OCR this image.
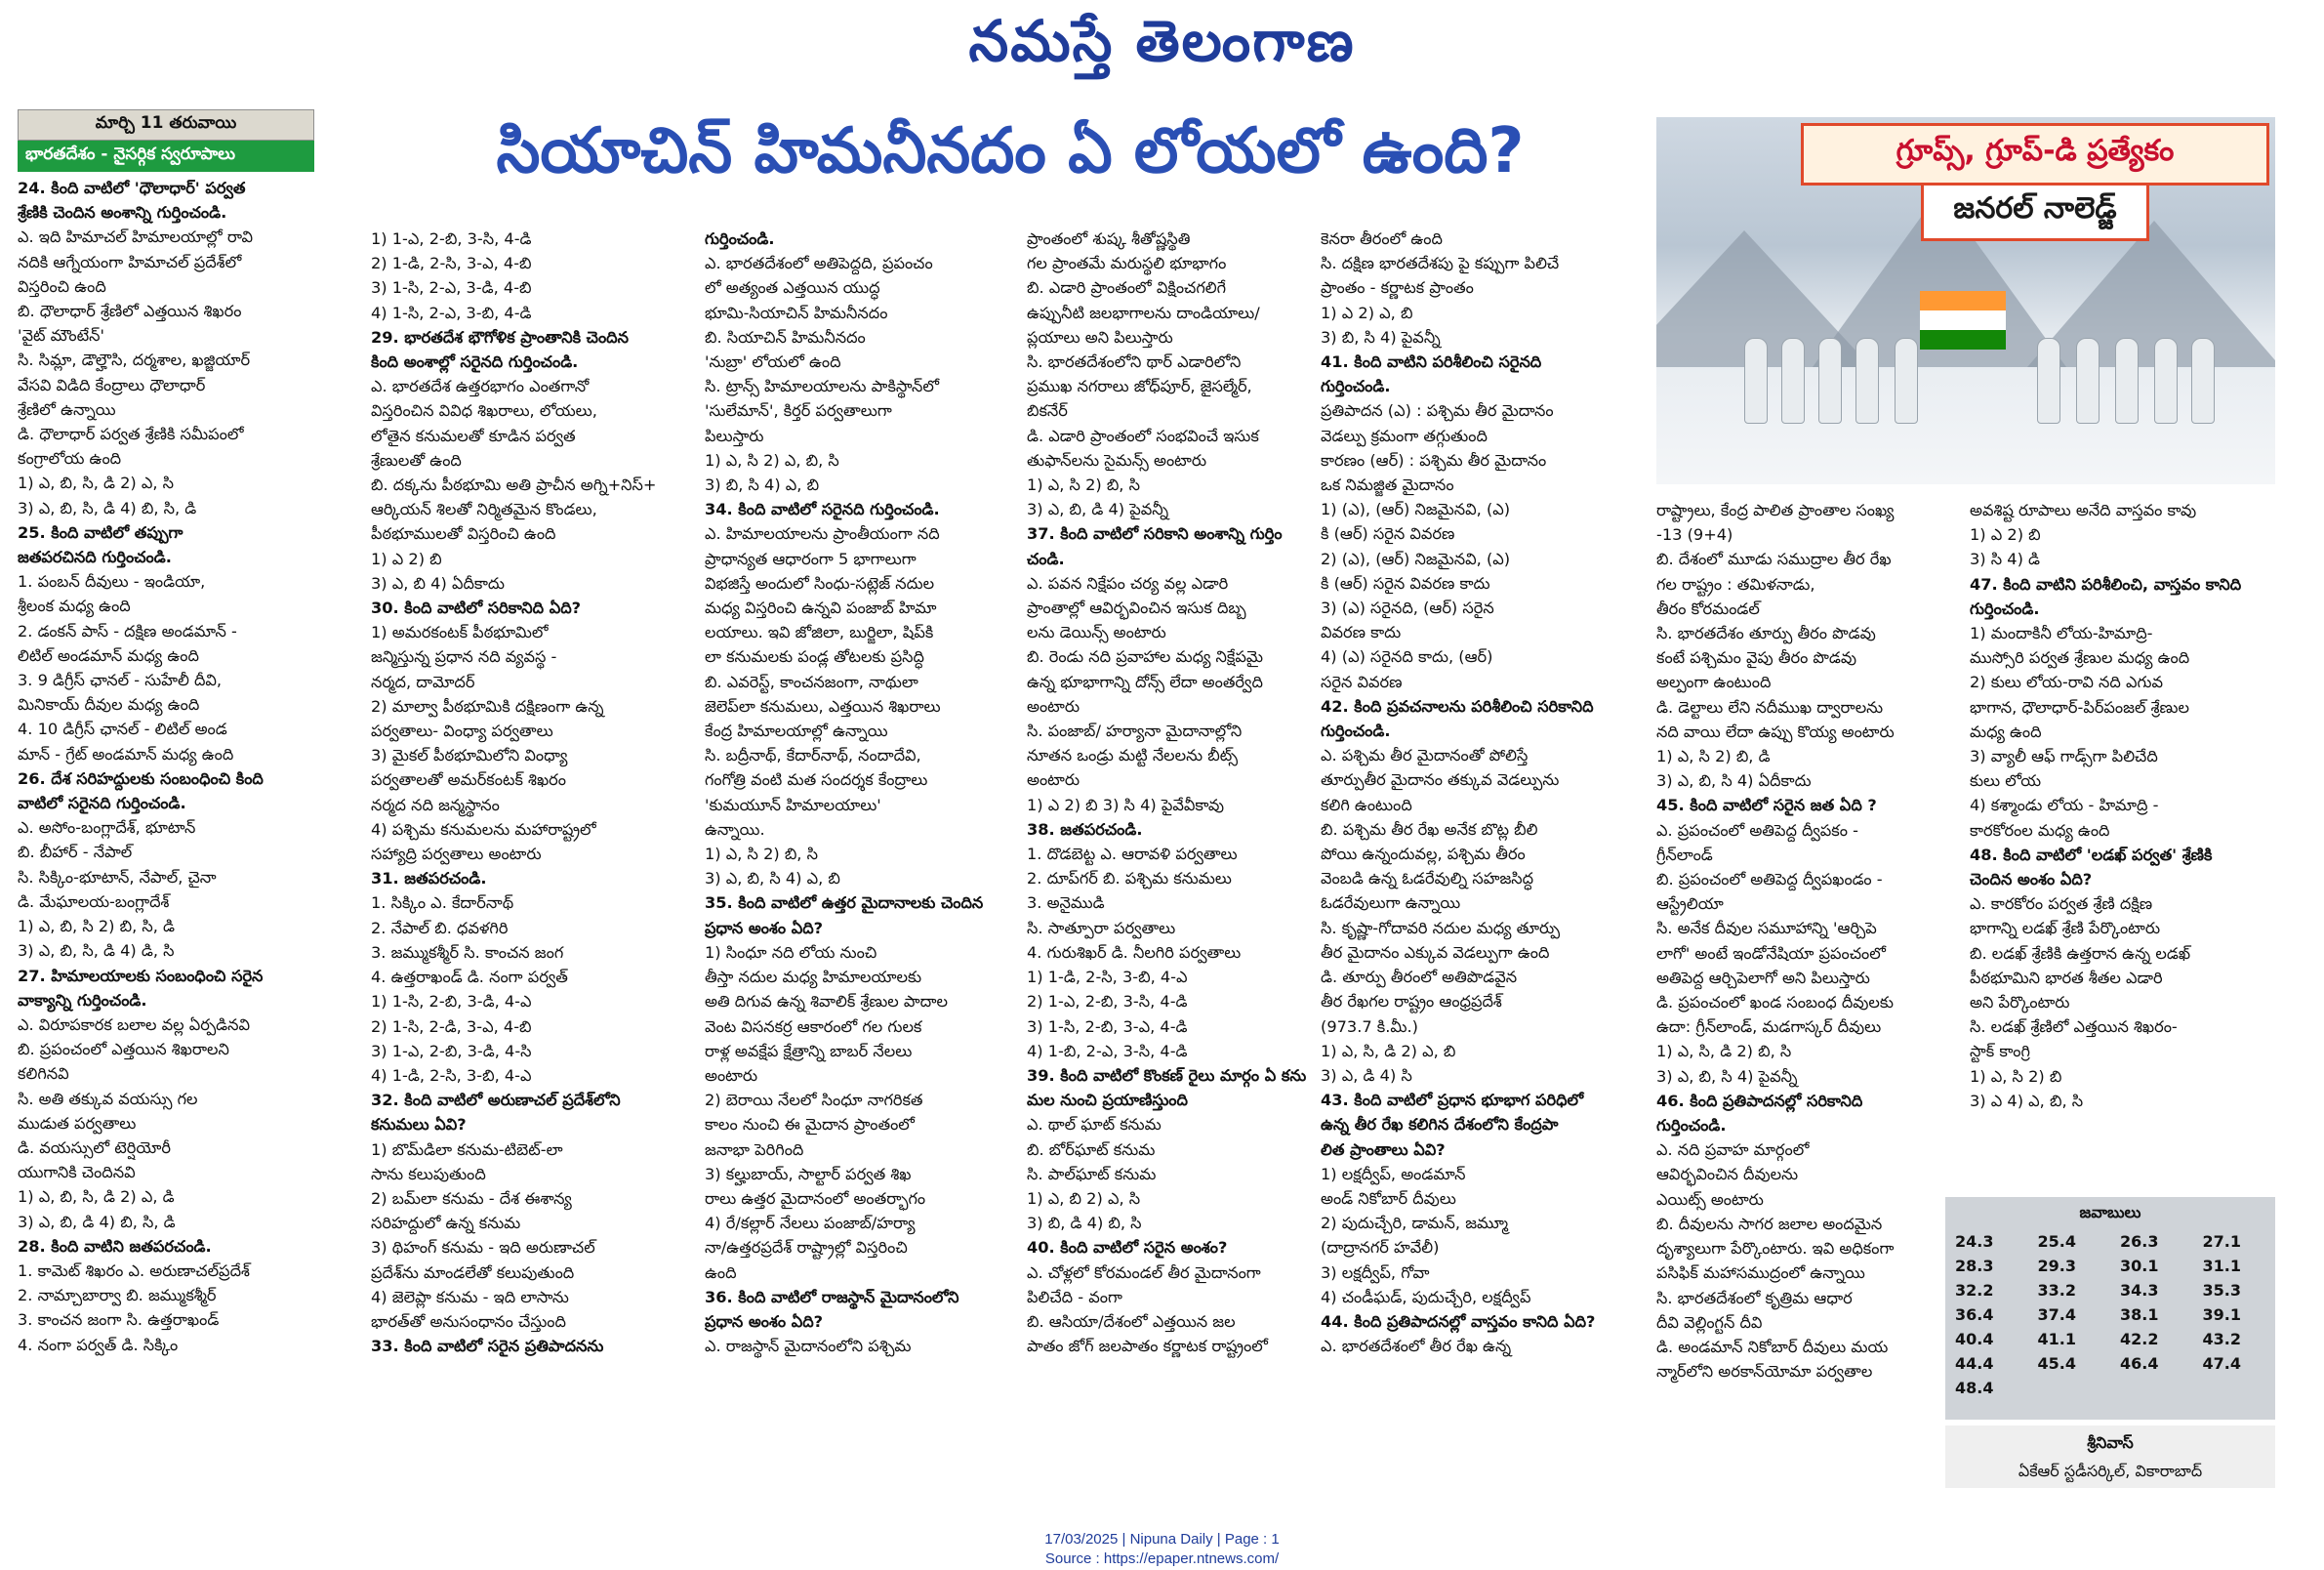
నమస్తే తెలంగాణ
సియాచిన్ హిమనీనదం ఏ లోయలో ఉంది?
మార్చి 11 తరువాయి
భారతదేశం - నైసర్గిక స్వరూపాలు
24. కింది వాటిలో 'ధౌలాధార్' పర్వత
శ్రేణికి చెందిన అంశాన్ని గుర్తించండి.
ఎ. ఇది హిమాచల్ హిమాలయాల్లో రావి
నదికి ఆగ్నేయంగా హిమాచల్ ప్రదేశ్‌లో
విస్తరించి ఉంది
బి. ధౌలాధార్ శ్రేణిలో ఎత్తయిన శిఖరం
'వైట్ మౌంటేన్'
సి. సిమ్లా, డౌల్హౌసి, దర్మశాల, ఖజ్జియార్
వేసవి విడిది కేంద్రాలు ధౌలాధార్
శ్రేణిలో ఉన్నాయి
డి. ధౌలాధార్ పర్వత శ్రేణికి సమీపంలో
కంగ్రాలోయ ఉంది
1) ఎ, బి, సి, డి 2) ఎ, సి
3) ఎ, బి, సి, డి 4) బి, సి, డి
25. కింది వాటిలో తప్పుగా
జతపరచినది గుర్తించండి.
1. పంబన్ దీవులు - ఇండియా,
శ్రీలంక మధ్య ఉంది
2. డంకన్ పాస్ - దక్షిణ అండమాన్ -
లిటిల్ అండమాన్ మధ్య ఉంది
3. 9 డిగ్రీస్ ఛానల్ - సుహేలీ దీవి,
మినికాయ్ దీవుల మధ్య ఉంది
4. 10 డిగ్రీస్ ఛానల్ - లిటిల్ అండ
మాన్ - గ్రేట్ అండమాన్ మధ్య ఉంది
26. దేశ సరిహద్దులకు సంబంధించి కింది
వాటిలో సరైనది గుర్తించండి.
ఎ. అసోం-బంగ్లాదేశ్, భూటాన్
బి. బీహార్ - నేపాల్
సి. సిక్కిం-భూటాన్, నేపాల్, చైనా
డి. మేఘాలయ-బంగ్లాదేశ్
1) ఎ, బి, సి 2) బి, సి, డి
3) ఎ, బి, సి, డి 4) డి, సి
27. హిమాలయాలకు సంబంధించి సరైన
వాక్యాన్ని గుర్తించండి.
ఎ. విరూపకారక బలాల వల్ల ఏర్పడినవి
బి. ప్రపంచంలో ఎత్తయిన శిఖరాలని
కలిగినవి
సి. అతి తక్కువ వయస్సు గల
ముడుత పర్వతాలు
డి. వయస్సులో టెర్షియోరీ
యుగానికి చెందినవి
1) ఎ, బి, సి, డి 2) ఎ, డి
3) ఎ, బి, డి 4) బి, సి, డి
28. కింది వాటిని జతపరచండి.
1. కామెట్ శిఖరం ఎ. అరుణాచల్‌ప్రదేశ్
2. నామ్చాబార్వా బి. జమ్ముకశ్మీర్
3. కాంచన జంగా సి. ఉత్తరాఖండ్
4. నంగా పర్వత్ డి. సిక్కిం
1) 1-ఎ, 2-బి, 3-సి, 4-డి
2) 1-డి, 2-సి, 3-ఎ, 4-బి
3) 1-సి, 2-ఎ, 3-డి, 4-బి
4) 1-సి, 2-ఎ, 3-బి, 4-డి
29. భారతదేశ భౌగోళిక ప్రాంతానికి చెందిన
కింది అంశాల్లో సరైనది గుర్తించండి.
ఎ. భారతదేశ ఉత్తరభాగం ఎంతగానో
విస్తరించిన వివిధ శిఖరాలు, లోయలు,
లోతైన కనుమలతో కూడిన పర్వత
శ్రేణులతో ఉంది
బి. దక్కను పీఠభూమి అతి ప్రాచీన అగ్ని+నిస్+
ఆర్కియన్ శిలతో నిర్మితమైన కొండలు,
పీఠభూములతో విస్తరించి ఉంది
1) ఎ 2) బి
3) ఎ, బి 4) ఏదీకాదు
30. కింది వాటిలో సరికానిది ఏది?
1) అమరకంటక్ పీఠభూమిలో
జన్మిస్తున్న ప్రధాన నది వ్యవస్థ -
నర్మద, దామోదర్
2) మాల్వా పీఠభూమికి దక్షిణంగా ఉన్న
పర్వతాలు- వింధ్యా పర్వతాలు
3) మైకల్ పీఠభూమిలోని వింధ్యా
పర్వతాలతో అమర్‌కంటక్ శిఖరం
నర్మద నది జన్మస్థానం
4) పశ్చిమ కనుమలను మహారాష్ట్రలో
సహ్యాద్రి పర్వతాలు అంటారు
31. జతపరచండి.
1. సిక్కిం ఎ. కేదార్‌నాథ్
2. నేపాల్ బి. ధవళగిరి
3. జమ్ముకశ్మీర్ సి. కాంచన జంగ
4. ఉత్తరాఖండ్ డి. నంగా పర్వత్
1) 1-సి, 2-బి, 3-డి, 4-ఎ
2) 1-సి, 2-డి, 3-ఎ, 4-బి
3) 1-ఎ, 2-బి, 3-డి, 4-సి
4) 1-డి, 2-సి, 3-బి, 4-ఎ
32. కింది వాటిలో అరుణాచల్ ప్రదేశ్‌లోని
కనుమలు ఏవి?
1) బొమ్‌డిలా కనుమ-టిబెట్-లా
సాను కలుపుతుంది
2) బమ్‌లా కనుమ - దేశ ఈశాన్య
సరిహద్దులో ఉన్న కనుమ
3) థిహంగ్ కనుమ - ఇది అరుణాచల్
ప్రదేశ్‌ను మాండలేతో కలుపుతుంది
4) జెలెప్లా కనుమ - ఇది లాసాను
భారత్‌తో అనుసంధానం చేస్తుంది
33. కింది వాటిలో సరైన ప్రతిపాదనను
గుర్తించండి.
ఎ. భారతదేశంలో అతిపెద్దది, ప్రపంచం
లో అత్యంత ఎత్తయిన యుద్ధ
భూమి-సియాచిన్ హిమనీనదం
బి. సియాచిన్ హిమనీనదం
'నుబ్రా' లోయలో ఉంది
సి. ట్రాన్స్ హిమాలయాలను పాకిస్థాన్‌లో
'సులేమాన్', కిర్తర్ పర్వతాలుగా
పిలుస్తారు
1) ఎ, సి 2) ఎ, బి, సి
3) బి, సి 4) ఎ, బి
34. కింది వాటిలో సరైనది గుర్తించండి.
ఎ. హిమాలయాలను ప్రాంతీయంగా నది
ప్రాధాన్యత ఆధారంగా 5 భాగాలుగా
విభజిస్తే అందులో సింధు-సట్లెజ్ నదుల
మధ్య విస్తరించి ఉన్నవి పంజాబ్ హిమా
లయాలు. ఇవి జోజిలా, బుర్జిలా, షిప్‌కి
లా కనుమలకు పండ్ల తోటలకు ప్రసిద్ధి
బి. ఎవరెస్ట్, కాంచనజంగా, నాథులా
జెలెప్‌లా కనుమలు, ఎత్తయిన శిఖరాలు
కేంద్ర హిమాలయాల్లో ఉన్నాయి
సి. బద్రీనాథ్, కేదార్‌నాథ్, నందాదేవి,
గంగోత్రి వంటి మత సందర్శక కేంద్రాలు
'కుమయూన్ హిమాలయాలు'
ఉన్నాయి.
1) ఎ, సి 2) బి, సి
3) ఎ, బి, సి 4) ఎ, బి
35. కింది వాటిలో ఉత్తర మైదానాలకు చెందిన
ప్రధాన అంశం ఏది?
1) సింధూ నది లోయ నుంచి
తీస్తా నదుల మధ్య హిమాలయాలకు
అతి దిగువ ఉన్న శివాలిక్ శ్రేణుల పాదాల
వెంట విసనకర్ర ఆకారంలో గల గులక
రాళ్ల అవక్షేప క్షేత్రాన్ని బాబర్ నేలలు
అంటారు
2) బెరాయి నేలలో సింధూ నాగరికత
కాలం నుంచి ఈ మైదాన ప్రాంతంలో
జనాభా పెరిగింది
3) కల్హుబాయ్, సాల్టార్ పర్వత శిఖ
రాలు ఉత్తర మైదానంలో అంతర్భాగం
4) రే/కల్లార్ నేలలు పంజాబ్/హర్యా
నా/ఉత్తరప్రదేశ్ రాష్ట్రాల్లో విస్తరించి
ఉంది
36. కింది వాటిలో రాజస్థాన్ మైదానంలోని
ప్రధాన అంశం ఏది?
ఎ. రాజస్థాన్ మైదానంలోని పశ్చిమ
ప్రాంతంలో శుష్క శీతోష్ణస్థితి
గల ప్రాంతమే మరుస్థలి భూభాగం
బి. ఎడారి ప్రాంతంలో విక్షించగలిగే
ఉప్పునీటి జలభాగాలను దాండియాలు/
ప్లయాలు అని పిలుస్తారు
సి. భారతదేశంలోని థార్ ఎడారిలోని
ప్రముఖ నగరాలు జోధ్‌పూర్, జైసల్మేర్,
బికనేర్
డి. ఎడారి ప్రాంతంలో సంభవించే ఇసుక
తుఫాన్‌లను సైమన్స్ అంటారు
1) ఎ, సి 2) బి, సి
3) ఎ, బి, డి 4) పైవన్నీ
37. కింది వాటిలో సరికాని అంశాన్ని గుర్తిం
చండి.
ఎ. పవన నిక్షేపం చర్య వల్ల ఎడారి
ప్రాంతాల్లో ఆవిర్భవించిన ఇసుక దిబ్బ
లను డెయిన్స్ అంటారు
బి. రెండు నది ప్రవాహాల మధ్య నిక్షేపమై
ఉన్న భూభాగాన్ని దోన్స్ లేదా అంతర్వేది
అంటారు
సి. పంజాబ్/ హర్యానా మైదానాల్లోని
నూతన ఒండ్రు మట్టి నేలలను బీట్స్
అంటారు
1) ఎ 2) బి 3) సి 4) పైవేవీకావు
38. జతపరచండి.
1. దొడబెట్ట ఎ. ఆరావళి పర్వతాలు
2. దూప్‌గర్ బి. పశ్చిమ కనుమలు
3. అనైముడి
సి. సాత్పూరా పర్వతాలు
4. గురుశిఖర్ డి. నీలగిరి పర్వతాలు
1) 1-డి, 2-సి, 3-బి, 4-ఎ
2) 1-ఎ, 2-బి, 3-సి, 4-డి
3) 1-సి, 2-బి, 3-ఎ, 4-డి
4) 1-బి, 2-ఎ, 3-సి, 4-డి
39. కింది వాటిలో కొంకణ్ రైలు మార్గం ఏ కను
మల నుంచి ప్రయాణిస్తుంది
ఎ. థాల్ ఘాట్ కనుమ
బి. బోర్‌ఘాట్ కనుమ
సి. పాల్‌ఘాట్ కనుమ
1) ఎ, బి 2) ఎ, సి
3) బి, డి 4) బి, సి
40. కింది వాటిలో సరైన అంశం?
ఎ. చోళ్లలో కోరమండల్ తీర మైదానంగా
పిలిచేది - వంగా
బి. ఆసియా/దేశంలో ఎత్తయిన జల
పాతం జోగ్ జలపాతం కర్ణాటక రాష్ట్రంలో
కెనరా తీరంలో ఉంది
సి. దక్షిణ భారతదేశపు పై కప్పుగా పిలిచే
ప్రాంతం - కర్ణాటక ప్రాంతం
1) ఎ 2) ఎ, బి
3) బి, సి 4) పైవన్నీ
41. కింది వాటిని పరిశీలించి సరైనది
గుర్తించండి.
ప్రతిపాదన (ఎ) : పశ్చిమ తీర మైదానం
వెడల్పు క్రమంగా తగ్గుతుంది
కారణం (ఆర్) : పశ్చిమ తీర మైదానం
ఒక నిమజ్జిత మైదానం
1) (ఎ), (ఆర్) నిజమైనవి, (ఎ)
కి (ఆర్) సరైన వివరణ
2) (ఎ), (ఆర్) నిజమైనవి, (ఎ)
కి (ఆర్) సరైన వివరణ కాదు
3) (ఎ) సరైనది, (ఆర్) సరైన
వివరణ కాదు
4) (ఎ) సరైనది కాదు, (ఆర్)
సరైన వివరణ
42. కింది ప్రవచనాలను పరిశీలించి సరికానిది
గుర్తించండి.
ఎ. పశ్చిమ తీర మైదానంతో పోలిస్తే
తూర్పుతీర మైదానం తక్కువ వెడల్పును
కలిగి ఉంటుంది
బి. పశ్చిమ తీర రేఖ అనేక బొట్ల బీలి
పోయి ఉన్నందువల్ల, పశ్చిమ తీరం
వెంబడి ఉన్న ఓడరేవుల్ని సహజసిద్ధ
ఓడరేవులుగా ఉన్నాయి
సి. కృష్ణా-గోదావరి నదుల మధ్య తూర్పు
తీర మైదానం ఎక్కువ వెడల్పుగా ఉంది
డి. తూర్పు తీరంలో అతిపొడవైన
తీర రేఖగల రాష్ట్రం ఆంధ్రప్రదేశ్
(973.7 కి.మీ.)
1) ఎ, సి, డి 2) ఎ, బి
3) ఎ, డి 4) సి
43. కింది వాటిలో ప్రధాన భూభాగ పరిధిలో
ఉన్న తీర రేఖ కలిగిన దేశంలోని కేంద్రపా
లిత ప్రాంతాలు ఏవి?
1) లక్షద్వీప్, అండమాన్
అండ్ నికోబార్ దీవులు
2) పుదుచ్చేరి, డామన్, జమ్మూ
(దాద్రానగర్ హవేలీ)
3) లక్షద్వీప్, గోవా
4) చండీఘడ్, పుదుచ్చేరి, లక్షద్వీప్
44. కింది ప్రతిపాదనల్లో వాస్తవం కానిది ఏది?
ఎ. భారతదేశంలో తీర రేఖ ఉన్న
రాష్ట్రాలు, కేంద్ర పాలిత ప్రాంతాల సంఖ్య
-13 (9+4)
బి. దేశంలో మూడు సముద్రాల తీర రేఖ
గల రాష్ట్రం : తమిళనాడు,
తీరం కోరమండల్
సి. భారతదేశం తూర్పు తీరం పొడవు
కంటే పశ్చిమం వైపు తీరం పొడవు
అల్పంగా ఉంటుంది
డి. డెల్టాలు లేని నదీముఖ ద్వారాలను
నది వాయి లేదా ఉప్పు కొయ్య అంటారు
1) ఎ, సి 2) బి, డి
3) ఎ, బి, సి 4) ఏదీకాదు
45. కింది వాటిలో సరైన జత ఏది ?
ఎ. ప్రపంచంలో అతిపెద్ద ద్వీపకం -
గ్రీన్‌లాండ్
బి. ప్రపంచంలో అతిపెద్ద ద్వీపఖండం -
ఆస్ట్రేలియా
సి. అనేక దీవుల సమూహాన్ని 'ఆర్చిపె
లాగో' అంటే ఇండోనేషియా ప్రపంచంలో
అతిపెద్ద ఆర్చిపెలాగో అని పిలుస్తారు
డి. ప్రపంచంలో ఖండ సంబంధ దీవులకు
ఉదా: గ్రీన్‌లాండ్, మడగాస్కర్ దీవులు
1) ఎ, సి, డి 2) బి, సి
3) ఎ, బి, సి 4) పైవన్నీ
46. కింది ప్రతిపాదనల్లో సరికానిది
గుర్తించండి.
ఎ. నది ప్రవాహ మార్గంలో
ఆవిర్భవించిన దీవులను
ఎయిట్స్ అంటారు
బి. దీవులను సాగర జలాల అందమైన
దృశ్యాలుగా పేర్కొంటారు. ఇవి అధికంగా
పసిఫిక్ మహాసముద్రంలో ఉన్నాయి
సి. భారతదేశంలో కృత్రిమ ఆధార
దీవి వెల్లింగ్టన్ దీవి
డి. అండమాన్ నికోబార్ దీవులు మయ
న్మార్‌లోని అరకాన్‌యోమా పర్వతాల
అవశిష్ట రూపాలు అనేది వాస్తవం కావు
1) ఎ 2) బి
3) సి 4) డి
47. కింది వాటిని పరిశీలించి, వాస్తవం కానిది
గుర్తించండి.
1) మందాకినీ లోయ-హిమాద్రి-
ముస్సోరి పర్వత శ్రేణుల మధ్య ఉంది
2) కులు లోయ-రావి నది ఎగువ
భాగాన, ధౌలాధార్-పిర్‌పంజల్ శ్రేణుల
మధ్య ఉంది
3) వ్యాలీ ఆఫ్ గాడ్స్‌గా పిలిచేది
కులు లోయ
4) కశ్మాండు లోయ - హిమాద్రి -
కారకోరంల మధ్య ఉంది
48. కింది వాటిలో 'లడఖ్ పర్వత' శ్రేణికి
చెందిన అంశం ఏది?
ఎ. కారకోరం పర్వత శ్రేణి దక్షిణ
భాగాన్ని లడఖ్ శ్రేణి పేర్కొంటారు
బి. లడఖ్ శ్రేణికి ఉత్తరాన ఉన్న లడఖ్
పీఠభూమిని భారత శీతల ఎడారి
అని పేర్కొంటారు
సి. లడఖ్ శ్రేణిలో ఎత్తయిన శిఖరం-
స్టాక్ కాంగ్రి
1) ఎ, సి 2) బి
3) ఎ 4) ఎ, బి, సి
గ్రూప్స్, గ్రూప్-డి ప్రత్యేకం
జనరల్ నాలెడ్జ్
జవాబులు
24.3	25.4	26.3	27.1
28.3	29.3	30.1	31.1
32.2	33.2	34.3	35.3
36.4	37.4	38.1	39.1
40.4	41.1	42.2	43.2
44.4	45.4	46.4	47.4
48.4			
శ్రీనివాస్
ఏకేఆర్ స్టడీసర్కిల్, వికారాబాద్
17/03/2025 | Nipuna Daily | Page : 1
Source : https://epaper.ntnews.com/
